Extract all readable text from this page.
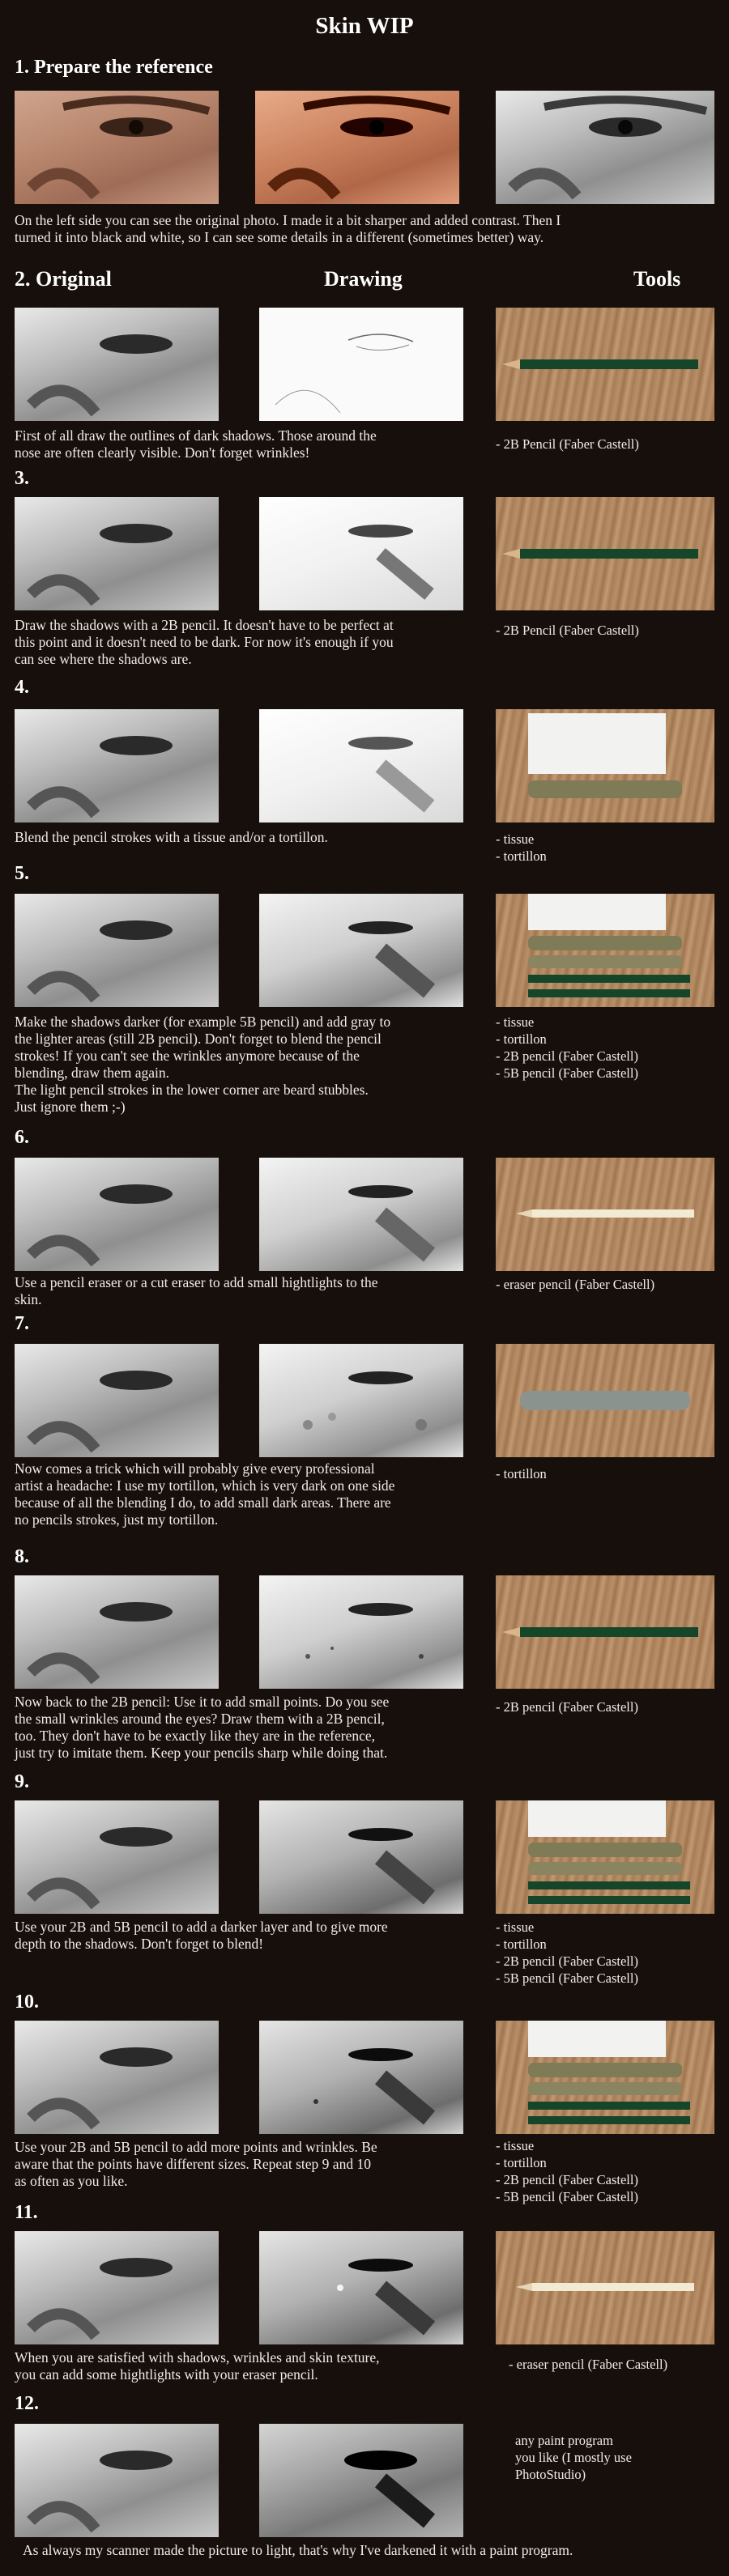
Skin WIP
1. Prepare the reference
On the left side you can see the original photo. I made it a bit sharper and added contrast. Then I
turned it into black and white, so I can see some details in a different (sometimes better) way.
2. Original	Drawing	Tools
First of all draw the outlines of dark shadows. Those around the
nose are often clearly visible. Don't forget wrinkles!
- 2B Pencil (Faber Castell)
3.
Draw the shadows with a 2B pencil. It doesn't have to be perfect at
this point and it doesn't need to be dark. For now it's enough if you
can see where the shadows are.
- 2B Pencil (Faber Castell)
4.
Blend the pencil strokes with a tissue and/or a tortillon.	- tissue
- tortillon
5.
Make the shadows darker (for example 5B pencil) and add gray to
the lighter areas (still 2B pencil). Don't forget to blend the pencil
strokes! If you can't see the wrinkles anymore because of the
blending, draw them again.
The light pencil strokes in the lower corner are beard stubbles.
Just ignore them ;-)
- tissue
- tortillon
- 2B pencil (Faber Castell)
- 5B pencil (Faber Castell)
6.
Use a pencil eraser or a cut eraser to add small hightlights to the
skin.
- eraser pencil (Faber Castell)
7.
Now comes a trick which will probably give every professional
artist a headache: I use my tortillon, which is very dark on one side
because of all the blending I do, to add small dark areas. There are
no pencils strokes, just my tortillon.
- tortillon
8.
Now back to the 2B pencil: Use it to add small points. Do you see
the small wrinkles around the eyes? Draw them with a 2B pencil,
too. They don't have to be exactly like they are in the reference,
just try to imitate them. Keep your pencils sharp while doing that.
- 2B pencil (Faber Castell)
9.
Use your 2B and 5B pencil to add a darker layer and to give more
depth to the shadows. Don't forget to blend!
- tissue
- tortillon
- 2B pencil (Faber Castell)
- 5B pencil (Faber Castell)
10.
Use your 2B and 5B pencil to add more points and wrinkles. Be
aware that the points have different sizes. Repeat step 9 and 10
as often as you like.
- tissue
- tortillon
- 2B pencil (Faber Castell)
- 5B pencil (Faber Castell)
11.
When you are satisfied with shadows, wrinkles and skin texture,
you can add some hightlights with your eraser pencil.
- eraser pencil (Faber Castell)
12.
any paint program
you like (I mostly use
PhotoStudio)
As always my scanner made the picture to light, that's why I've darkened it with a paint program.
